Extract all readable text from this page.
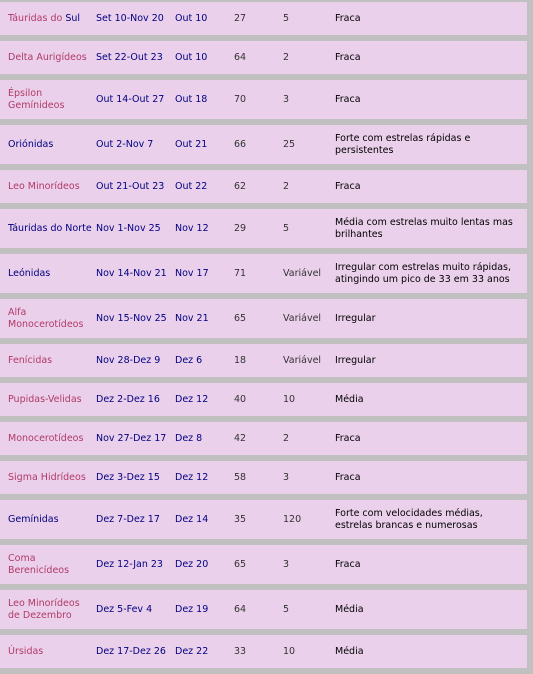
Táuridas do Sul	Set 10-Nov 20	Out 10	27	5	Fraca
Delta Aurigídeos	Set 22-Out 23	Out 10	64	2	Fraca
Épsilon Gemínideos	Out 14-Out 27	Out 18	70	3	Fraca
Oriónidas	Out 2-Nov 7	Out 21	66	25	Forte com estrelas rápidas e persistentes
Leo Minorídeos	Out 21-Out 23	Out 22	62	2	Fraca
Táuridas do Norte	Nov 1-Nov 25	Nov 12	29	5	Média com estrelas muito lentas mas brilhantes
Leónidas	Nov 14-Nov 21	Nov 17	71	Variável	Irregular com estrelas muito rápidas, atingindo um pico de 33 em 33 anos
Alfa Monocerotídeos	Nov 15-Nov 25	Nov 21	65	Variável	Irregular
Fenícidas	Nov 28-Dez 9	Dez 6	18	Variável	Irregular
Pupidas-Velidas	Dez 2-Dez 16	Dez 12	40	10	Média
Monocerotídeos	Nov 27-Dez 17	Dez 8	42	2	Fraca
Sigma Hidrídeos	Dez 3-Dez 15	Dez 12	58	3	Fraca
Gemínidas	Dez 7-Dez 17	Dez 14	35	120	Forte com velocidades médias, estrelas brancas e numerosas
Coma Berenicídeos	Dez 12-Jan 23	Dez 20	65	3	Fraca
Leo Minorídeos de Dezembro	Dez 5-Fev 4	Dez 19	64	5	Média
Úrsidas	Dez 17-Dez 26	Dez 22	33	10	Média
